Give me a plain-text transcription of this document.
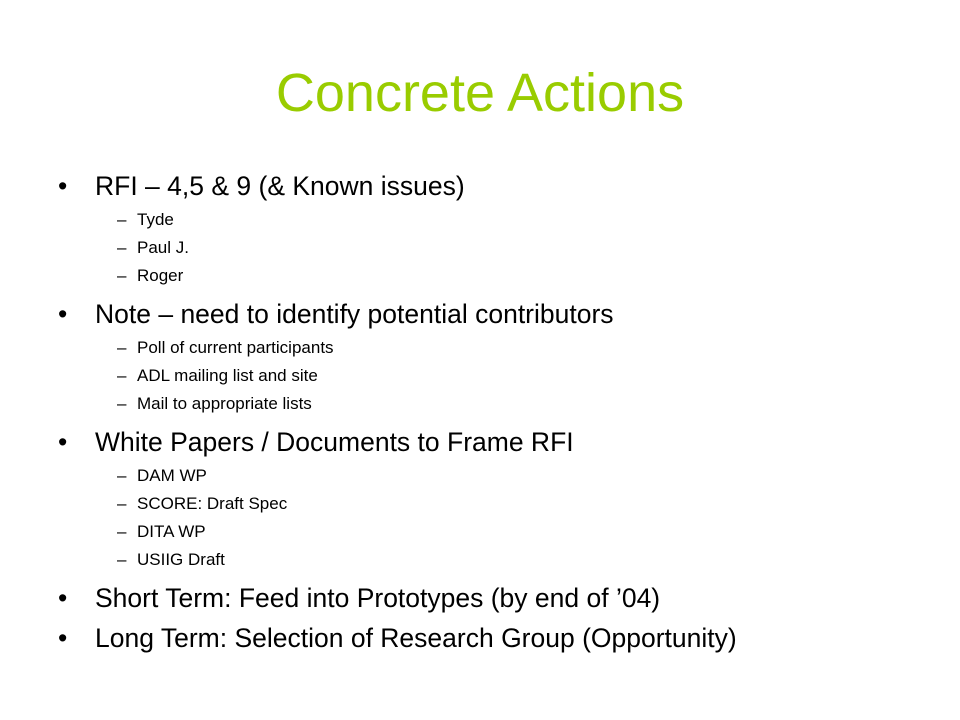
Concrete Actions
• RFI – 4,5 & 9 (& Known issues)
– Tyde
– Paul J.
– Roger
• Note – need to identify potential contributors
– Poll of current participants
– ADL mailing list and site
– Mail to appropriate lists
• White Papers / Documents to Frame RFI
– DAM WP
– SCORE: Draft Spec
– DITA WP
– USIIG Draft
• Short Term: Feed into Prototypes (by end of ’04)
• Long Term: Selection of Research Group (Opportunity)
